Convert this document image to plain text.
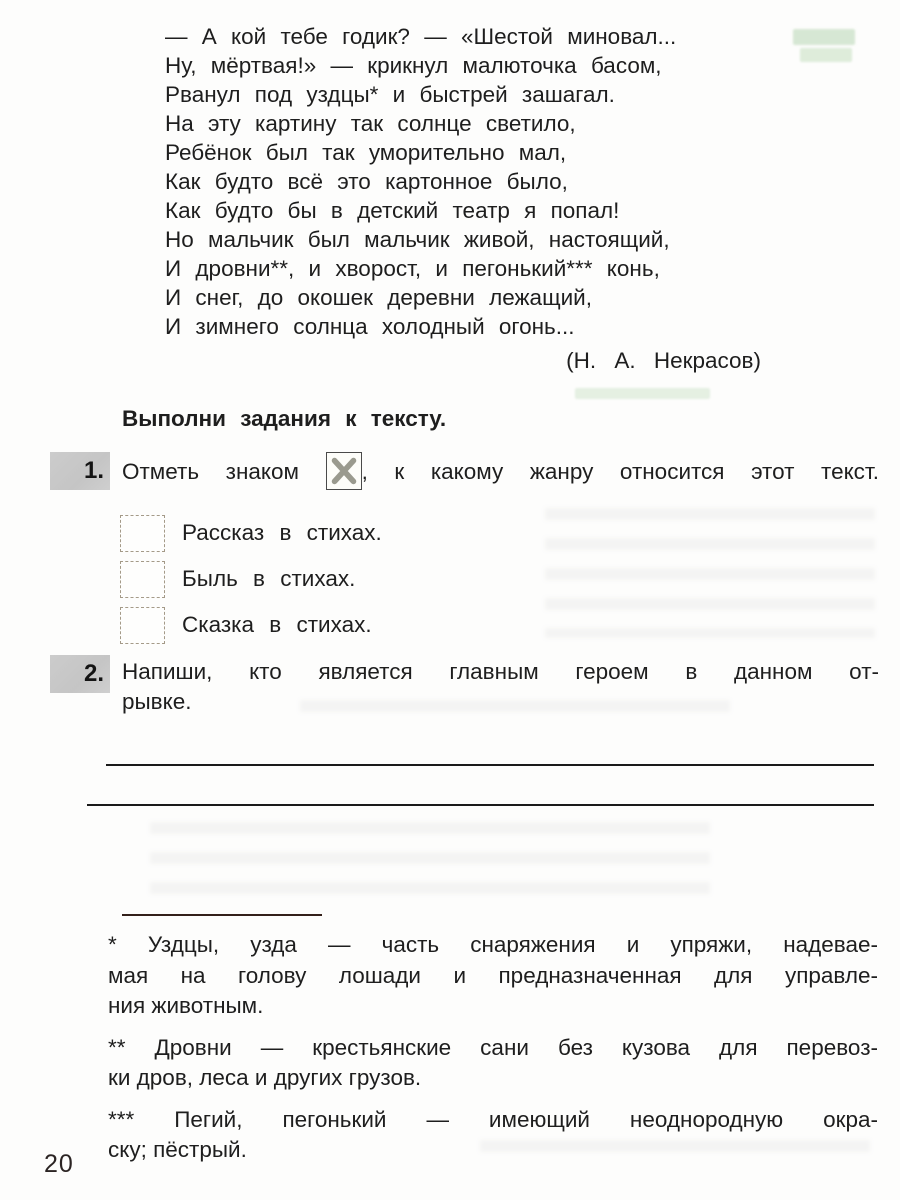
— А кой тебе годик? — «Шестой миновал...
Ну, мёртвая!» — крикнул малюточка басом,
Рванул под уздцы* и быстрей зашагал.
На эту картину так солнце светило,
Ребёнок был так уморительно мал,
Как будто всё это картонное было,
Как будто бы в детский театр я попал!
Но мальчик был мальчик живой, настоящий,
И дровни**, и хворост, и пегонький*** конь,
И снег, до окошек деревни лежащий,
И зимнего солнца холодный огонь...
(Н. А. Некрасов)
Выполни задания к тексту.
1. Отметь знаком	, к какому жанру относится этот текст.
Рассказ в стихах.
Быль в стихах.
Сказка в стихах.
2. Напиши, кто является главным героем в данном от-
рывке.
* Уздцы, узда — часть снаряжения и упряжи, надевае-
мая на голову лошади и предназначенная для управле-
ния животным.
** Дровни — крестьянские сани без кузова для перевоз-
ки дров, леса и других грузов.
*** Пегий, пегонький — имеющий неоднородную окра-
ску; пёстрый.
20
